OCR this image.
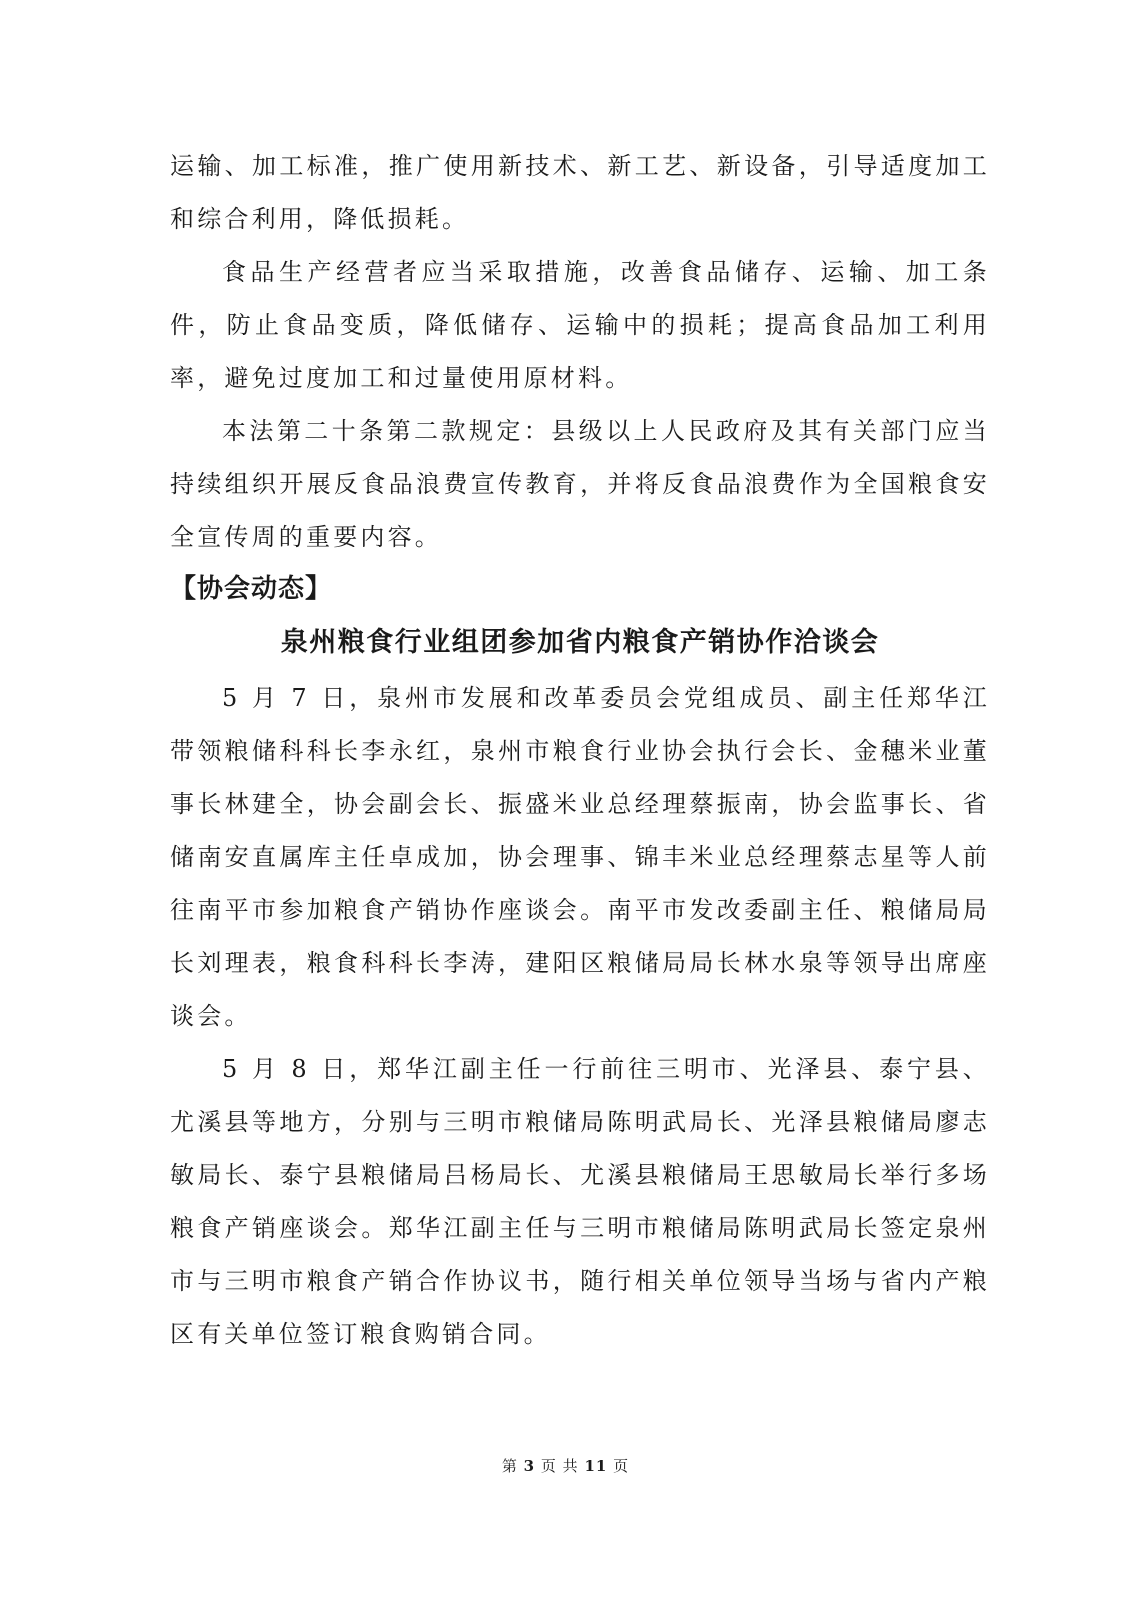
运输、加工标准，推广使用新技术、新工艺、新设备，引导适度加工和综合利用，降低损耗。

食品生产经营者应当采取措施，改善食品储存、运输、加工条件，防止食品变质，降低储存、运输中的损耗；提高食品加工利用率，避免过度加工和过量使用原材料。

本法第二十条第二款规定：县级以上人民政府及其有关部门应当持续组织开展反食品浪费宣传教育，并将反食品浪费作为全国粮食安全宣传周的重要内容。

【协会动态】
泉州粮食行业组团参加省内粮食产销协作洽谈会

5 月 7 日，泉州市发展和改革委员会党组成员、副主任郑华江带领粮储科科长李永红，泉州市粮食行业协会执行会长、金穗米业董事长林建全，协会副会长、振盛米业总经理蔡振南，协会监事长、省储南安直属库主任卓成加，协会理事、锦丰米业总经理蔡志星等人前往南平市参加粮食产销协作座谈会。南平市发改委副主任、粮储局局长刘理表，粮食科科长李涛，建阳区粮储局局长林水泉等领导出席座谈会。

5 月 8 日，郑华江副主任一行前往三明市、光泽县、泰宁县、尤溪县等地方，分别与三明市粮储局陈明武局长、光泽县粮储局廖志敏局长、泰宁县粮储局吕杨局长、尤溪县粮储局王思敏局长举行多场粮食产销座谈会。郑华江副主任与三明市粮储局陈明武局长签定泉州市与三明市粮食产销合作协议书，随行相关单位领导当场与省内产粮区有关单位签订粮食购销合同。

第 3 页 共 11 页
